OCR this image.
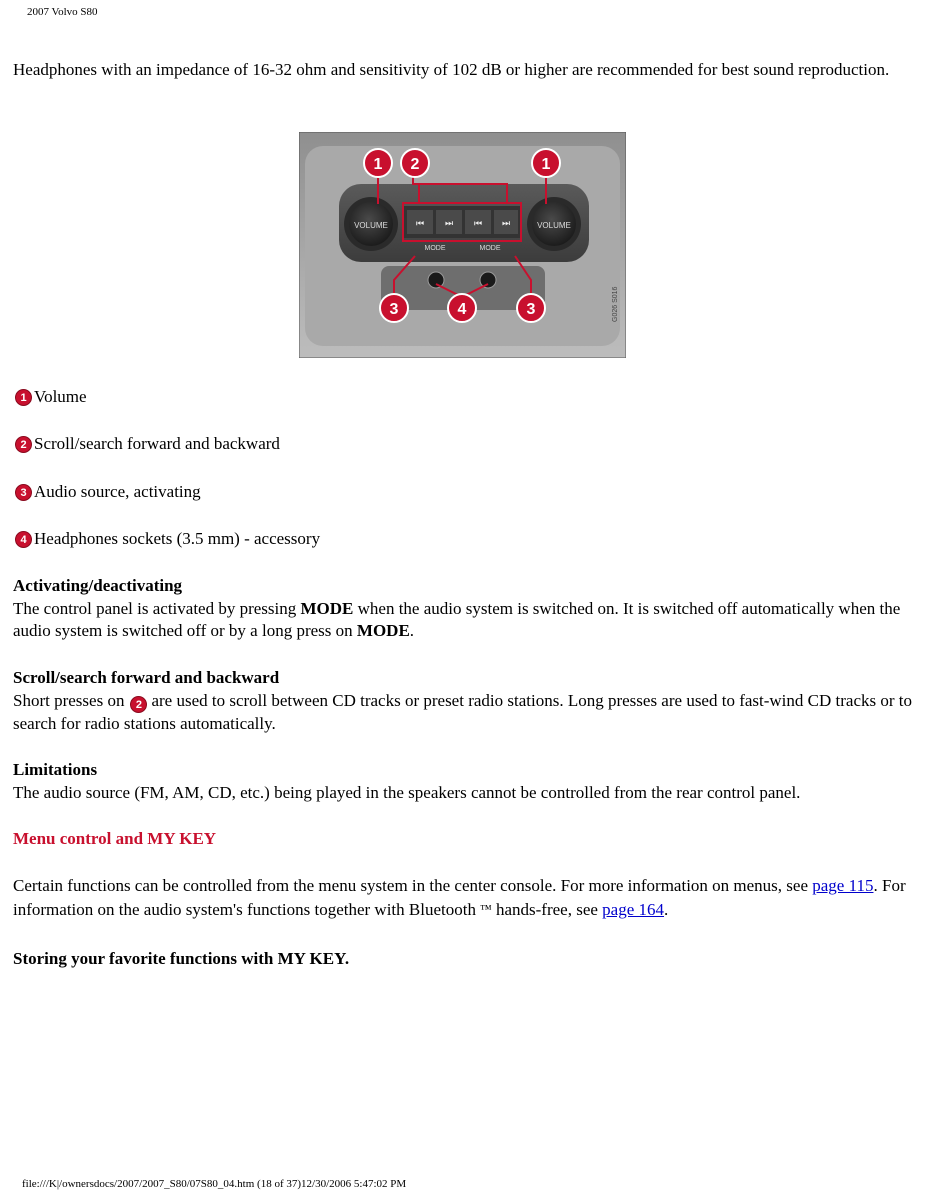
2007 Volvo S80
Headphones with an impedance of 16-32 ohm and sensitivity of 102 dB or higher are recommended for best sound reproduction.
VOLUME	VOLUME
⏮ ⏭ ⏮ ⏭
MODE	MODE
1 2	1
3	4	3	G026 S016
1 Volume
2 Scroll/search forward and backward
3 Audio source, activating
4 Headphones sockets (3.5 mm) - accessory
Activating/deactivating
The control panel is activated by pressing MODE when the audio system is switched on. It is switched off automatically when the audio system is switched off or by a long press on MODE.
Scroll/search forward and backward
Short presses on 2 are used to scroll between CD tracks or preset radio stations. Long presses are used to fast-wind CD tracks or to search for radio stations automatically.
Limitations
The audio source (FM, AM, CD, etc.) being played in the speakers cannot be controlled from the rear control panel.
Menu control and MY KEY
Certain functions can be controlled from the menu system in the center console. For more information on menus, see page 115. For information on the audio system's functions together with Bluetooth ™ hands-free, see page 164.
Storing your favorite functions with MY KEY.
file:///K|/ownersdocs/2007/2007_S80/07S80_04.htm (18 of 37)12/30/2006 5:47:02 PM
